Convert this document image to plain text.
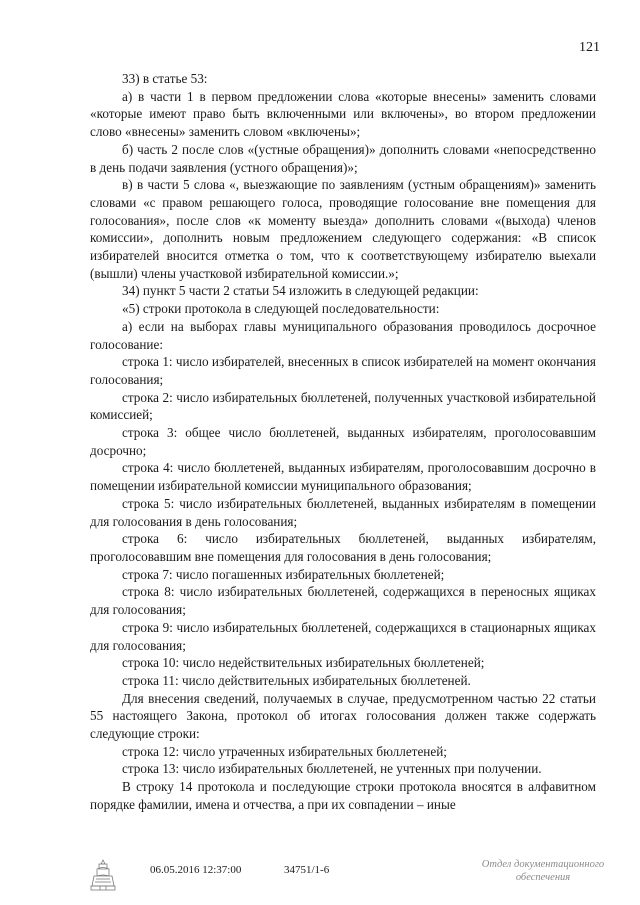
121

33) в статье 53:

а) в части 1 в первом предложении слова «которые внесены» заменить словами «которые имеют право быть включенными или включены», во втором предложении слово «внесены» заменить словом «включены»;

б) часть 2 после слов «(устные обращения)» дополнить словами «непосредственно в день подачи заявления (устного обращения)»;

в) в части 5 слова «, выезжающие по заявлениям (устным обращениям)» заменить словами «с правом решающего голоса, проводящие голосование вне помещения для голосования», после слов «к моменту выезда» дополнить словами «(выхода) членов комиссии», дополнить новым предложением следующего содержания: «В список избирателей вносится отметка о том, что к соответствующему избирателю выехали (вышли) члены участковой избирательной комиссии.»;

34) пункт 5 части 2 статьи 54 изложить в следующей редакции:

«5) строки протокола в следующей последовательности:

а) если на выборах главы муниципального образования проводилось досрочное голосование:

строка 1: число избирателей, внесенных в список избирателей на момент окончания голосования;

строка 2: число избирательных бюллетеней, полученных участковой избирательной комиссией;

строка 3: общее число бюллетеней, выданных избирателям, проголосовавшим досрочно;

строка 4: число бюллетеней, выданных избирателям, проголосовавшим досрочно в помещении избирательной комиссии муниципального образования;

строка 5: число избирательных бюллетеней, выданных избирателям в помещении для голосования в день голосования;

строка 6: число избирательных бюллетеней, выданных избирателям, проголосовавшим вне помещения для голосования в день голосования;

строка 7: число погашенных избирательных бюллетеней;

строка 8: число избирательных бюллетеней, содержащихся в переносных ящиках для голосования;

строка 9: число избирательных бюллетеней, содержащихся в стационарных ящиках для голосования;

строка 10: число недействительных избирательных бюллетеней;

строка 11: число действительных избирательных бюллетеней.

Для внесения сведений, получаемых в случае, предусмотренном частью 22 статьи 55 настоящего Закона, протокол об итогах голосования должен также содержать следующие строки:

строка 12: число утраченных избирательных бюллетеней;

строка 13: число избирательных бюллетеней, не учтенных при получении.

В строку 14 протокола и последующие строки протокола вносятся в алфавитном порядке фамилии, имена и отчества, а при их совпадении – иные

06.05.2016 12:37:00	34751/1-6	Отдел документационного
обеспечения
